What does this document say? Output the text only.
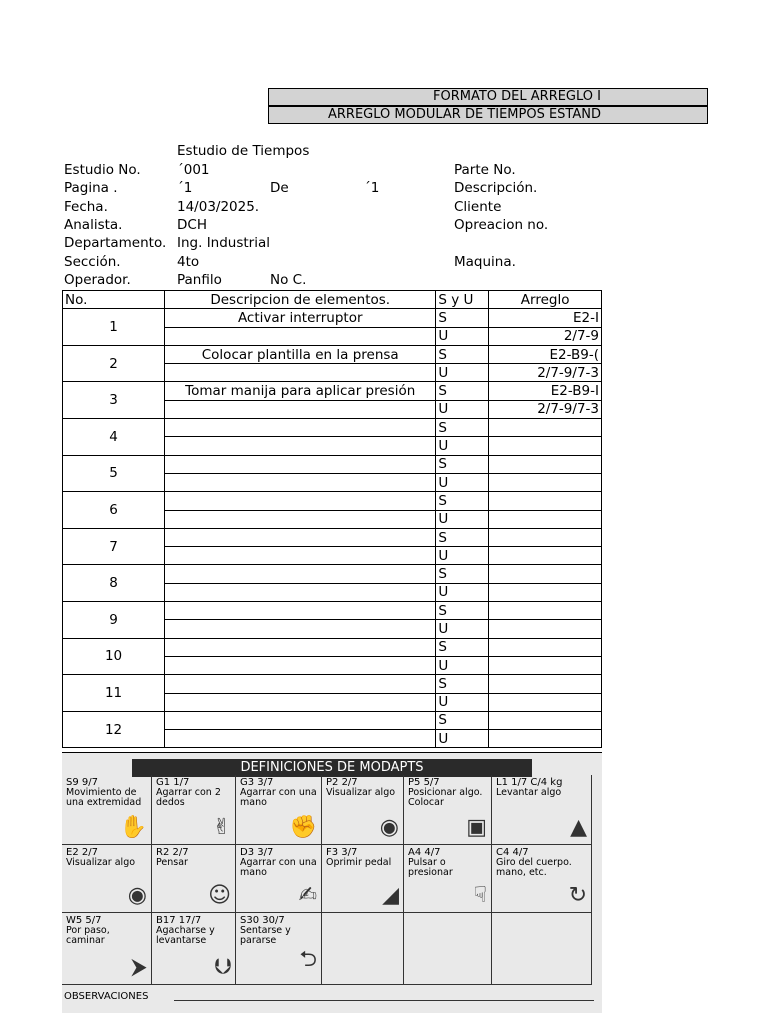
FORMATO DEL ARREGLO I
ARREGLO MODULAR DE TIEMPOS ESTAND
Estudio de Tiempos
Estudio No.	´001	Parte No.
Pagina .	´1	De	´1	Descripción.
Fecha.	14/03/2025.	Cliente
Analista.	DCH	Opreacion no.
Departamento. Ing. Industrial
Sección.	4to	Maquina.
Operador.	Panfilo	No C.
No.	Descripcion de elementos.	S y U	Arreglo
1	Activar interruptor	S	E2-I
		U	2/7-9
2	Colocar plantilla en la prensa	S	E2-B9-(
		U	2/7-9/7-3
3	Tomar manija para aplicar presión	S	E2-B9-I
		U	2/7-9/7-3
4		S	
		U	
5		S	
		U	
6		S	
		U	
7		S	
		U	
8		S	
		U	
9		S	
		U	
10		S	
		U	
11		S	
		U	
12		S	
		U	
DEFINICIONES DE MODAPTS
S9 9/7
Movimiento de una extremidad
✋
G1 1/7
Agarrar con 2 dedos
✌
G3 3/7
Agarrar con una mano
✊
P2 2/7
Visualizar algo
◉
P5 5/7
Posicionar algo. Colocar
▣
L1 1/7 C/4 kg
Levantar algo
▲
E2 2/7
Visualizar algo
◉
R2 2/7
Pensar
☺
D3 3/7
Agarrar con una mano
✍
F3 3/7
Oprimir pedal
◢
A4 4/7
Pulsar o presionar
☟
C4 4/7
Giro del cuerpo. mano, etc.
↻
W5 5/7
Por paso, caminar
⮞
B17 17/7
Agacharse y levantarse
⮋
S30 30/7
Sentarse y pararse
⮌
OBSERVACIONES
